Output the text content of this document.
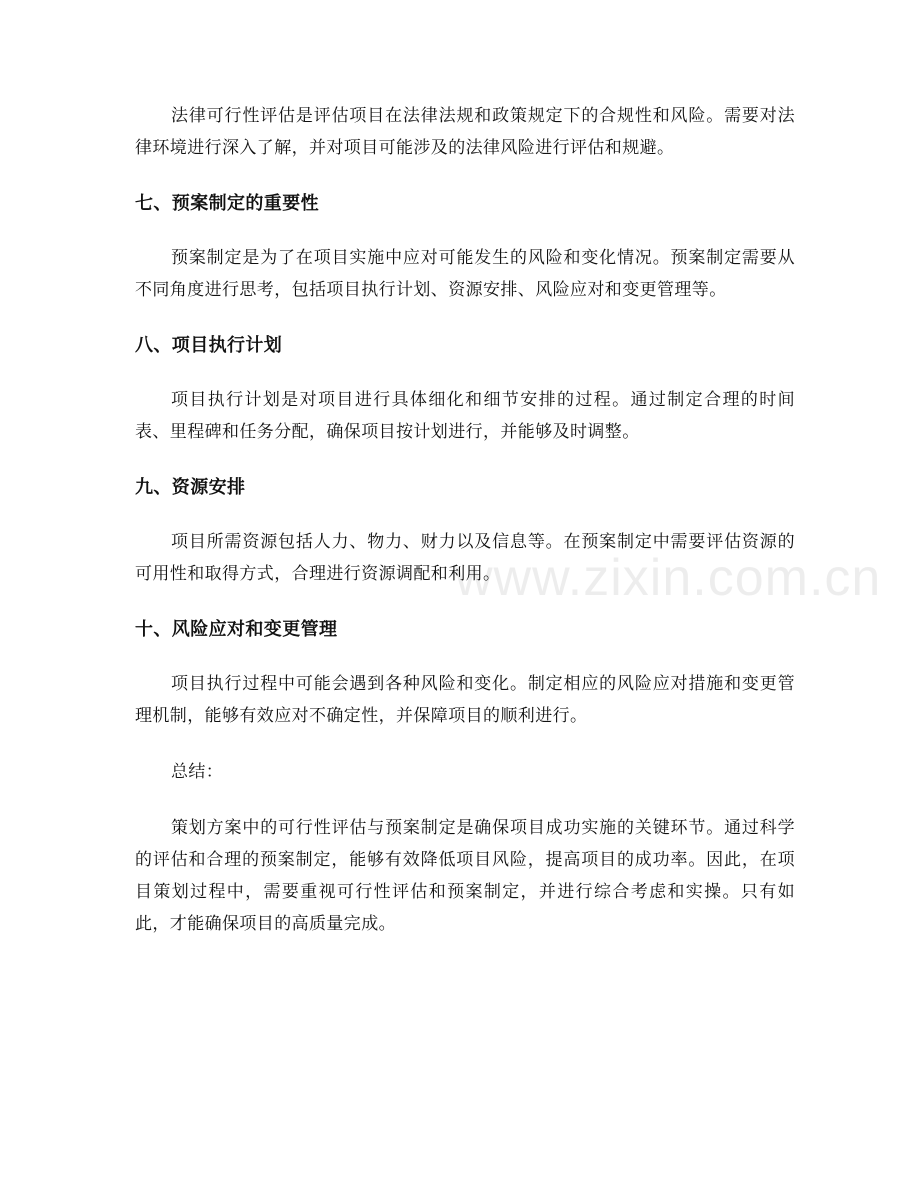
法律可行性评估是评估项目在法律法规和政策规定下的合规性和风险。需要对法律环境进行深入了解，并对项目可能涉及的法律风险进行评估和规避。

七、预案制定的重要性

预案制定是为了在项目实施中应对可能发生的风险和变化情况。预案制定需要从不同角度进行思考，包括项目执行计划、资源安排、风险应对和变更管理等。

八、项目执行计划

项目执行计划是对项目进行具体细化和细节安排的过程。通过制定合理的时间表、里程碑和任务分配，确保项目按计划进行，并能够及时调整。

九、资源安排

项目所需资源包括人力、物力、财力以及信息等。在预案制定中需要评估资源的可用性和取得方式，合理进行资源调配和利用。

十、风险应对和变更管理

项目执行过程中可能会遇到各种风险和变化。制定相应的风险应对措施和变更管理机制，能够有效应对不确定性，并保障项目的顺利进行。

总结：

策划方案中的可行性评估与预案制定是确保项目成功实施的关键环节。通过科学的评估和合理的预案制定，能够有效降低项目风险，提高项目的成功率。因此，在项目策划过程中，需要重视可行性评估和预案制定，并进行综合考虑和实操。只有如此，才能确保项目的高质量完成。

www.zixin.com.cn
